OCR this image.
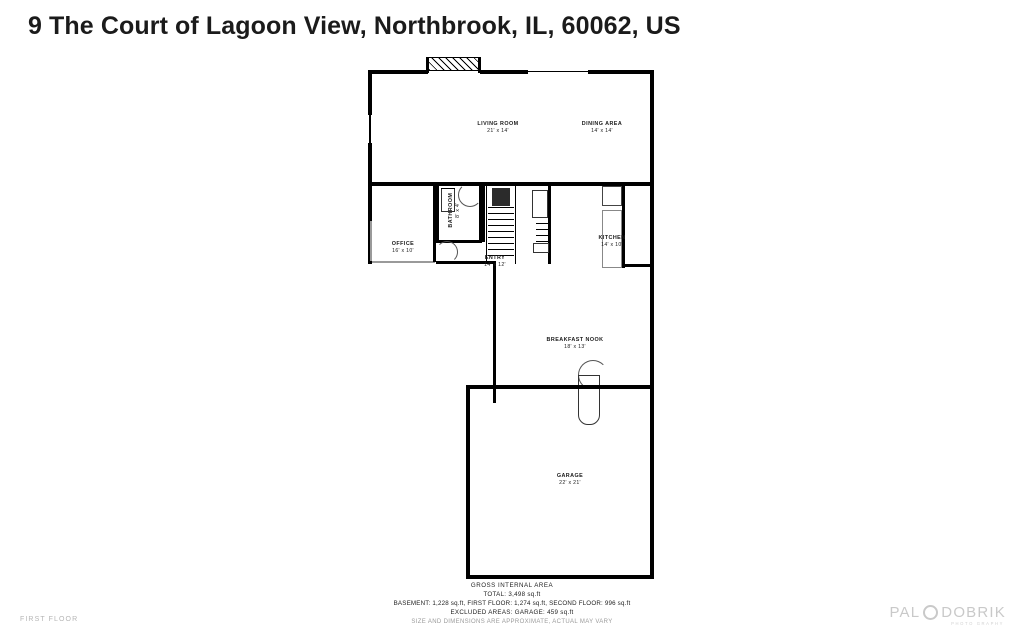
9 The Court of Lagoon View, Northbrook, IL, 60062, US
LIVING ROOM
21' x 14'
DINING AREA
14' x 14'
OFFICE
16' x 10'
BATHROOM 8' x 4'
ENTRY
14' x 12'
KITCHEN
14' x 10'
BREAKFAST NOOK
18' x 13'
GARAGE
22' x 21'
GROSS INTERNAL AREA
TOTAL: 3,498 sq.ft
BASEMENT: 1,228 sq.ft, FIRST FLOOR: 1,274 sq.ft, SECOND FLOOR: 996 sq.ft
EXCLUDED AREAS: GARAGE: 459 sq.ft
SIZE AND DIMENSIONS ARE APPROXIMATE, ACTUAL MAY VARY
FIRST FLOOR	PAL DOBRIK
PHOTO GRAPHY
